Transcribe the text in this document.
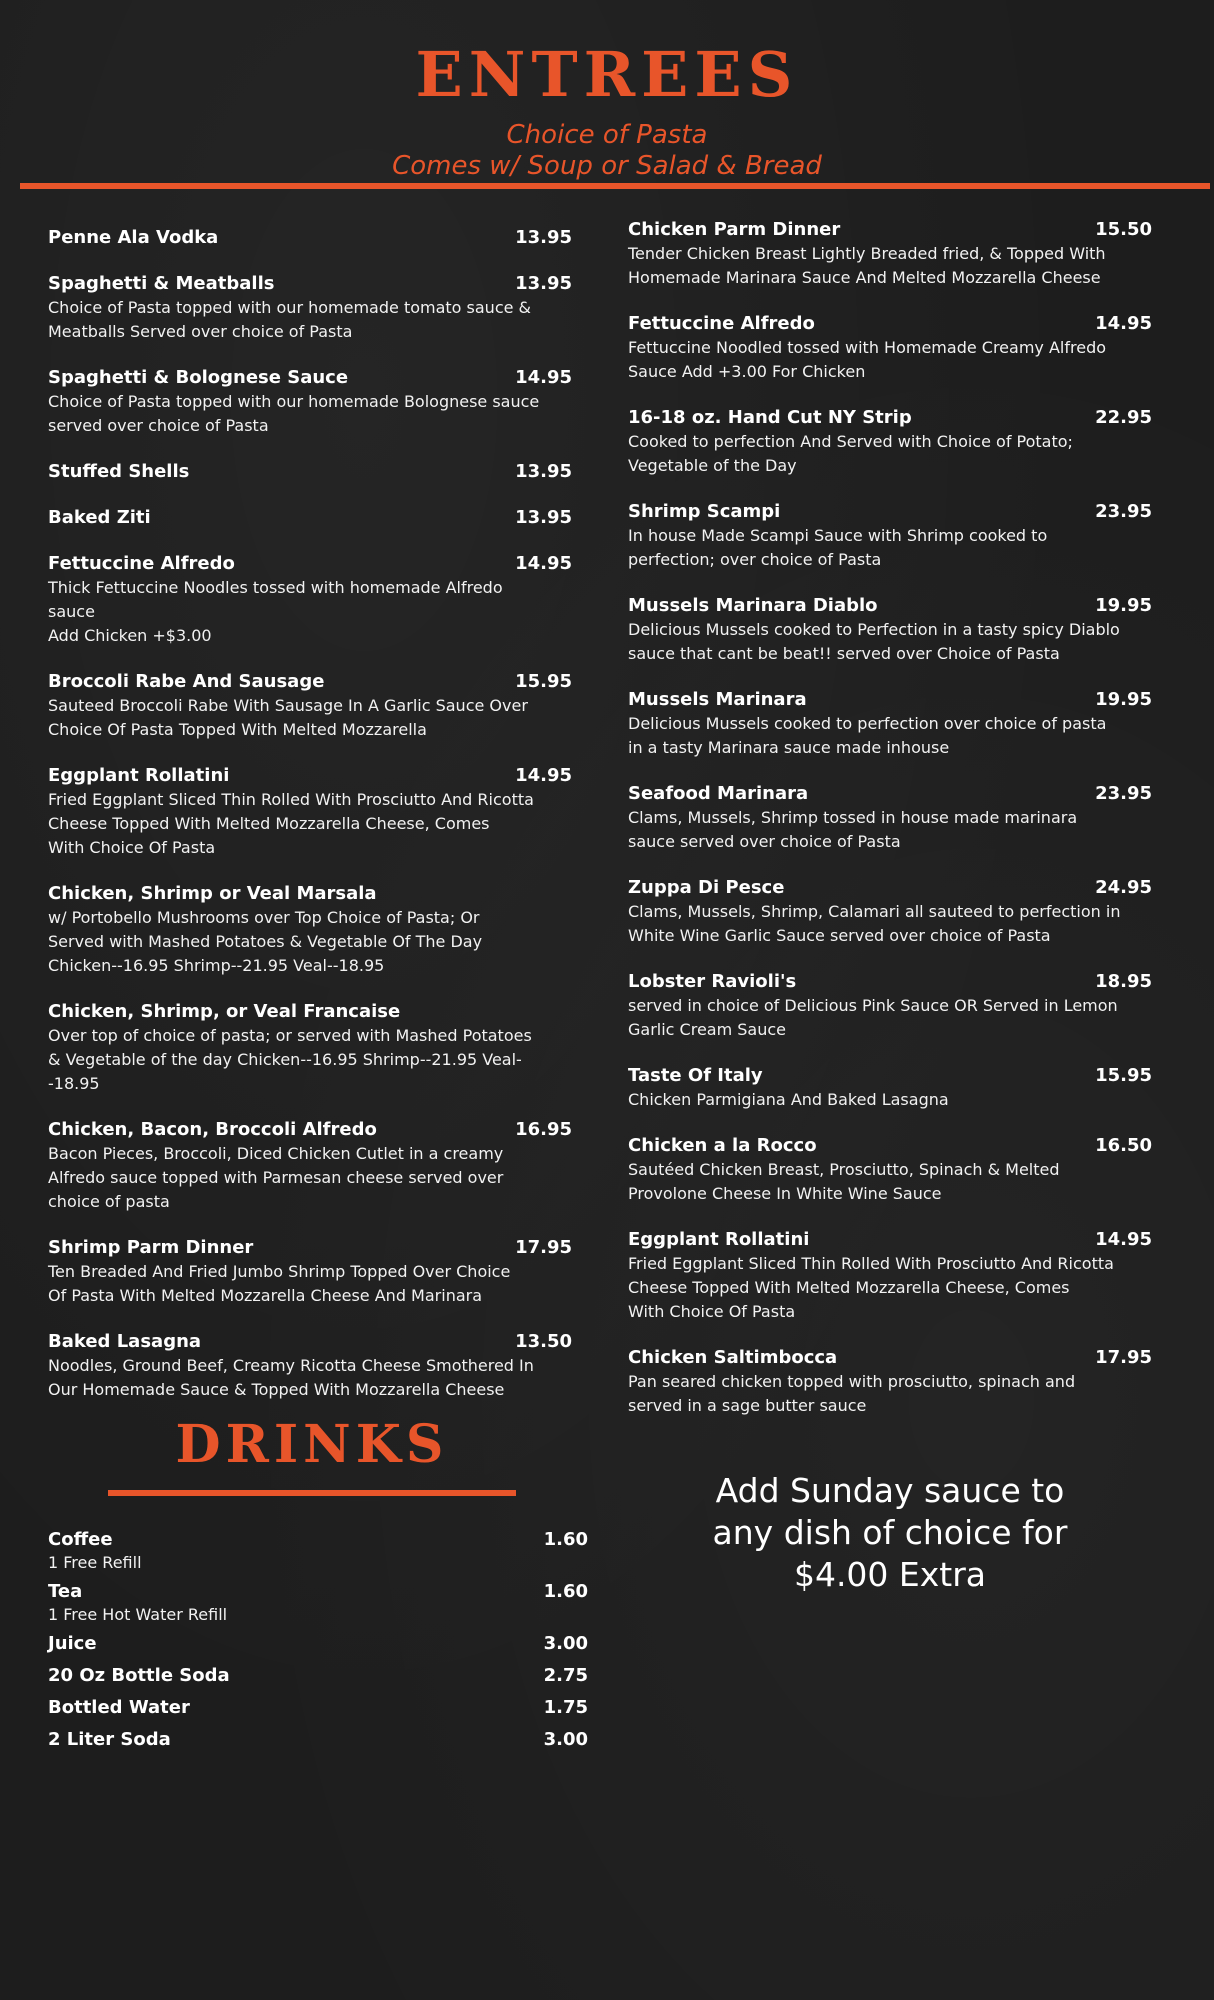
ENTREES
Choice of Pasta
Comes w/ Soup or Salad & Bread
Penne Ala Vodka	13.95
Spaghetti & Meatballs	13.95
Choice of Pasta topped with our homemade tomato sauce &
Meatballs Served over choice of Pasta
Spaghetti & Bolognese Sauce	14.95
Choice of Pasta topped with our homemade Bolognese sauce
served over choice of Pasta
Stuffed Shells	13.95
Baked Ziti	13.95
Fettuccine Alfredo	14.95
Thick Fettuccine Noodles tossed with homemade Alfredo
sauce
Add Chicken +$3.00
Broccoli Rabe And Sausage	15.95
Sauteed Broccoli Rabe With Sausage In A Garlic Sauce Over
Choice Of Pasta Topped With Melted Mozzarella
Eggplant Rollatini	14.95
Fried Eggplant Sliced Thin Rolled With Prosciutto And Ricotta
Cheese Topped With Melted Mozzarella Cheese, Comes
With Choice Of Pasta
Chicken, Shrimp or Veal Marsala
w/ Portobello Mushrooms over Top Choice of Pasta; Or
Served with Mashed Potatoes & Vegetable Of The Day
Chicken--16.95 Shrimp--21.95 Veal--18.95
Chicken, Shrimp, or Veal Francaise
Over top of choice of pasta; or served with Mashed Potatoes
& Vegetable of the day Chicken--16.95 Shrimp--21.95 Veal-
-18.95
Chicken, Bacon, Broccoli Alfredo	16.95
Bacon Pieces, Broccoli, Diced Chicken Cutlet in a creamy
Alfredo sauce topped with Parmesan cheese served over
choice of pasta
Shrimp Parm Dinner	17.95
Ten Breaded And Fried Jumbo Shrimp Topped Over Choice
Of Pasta With Melted Mozzarella Cheese And Marinara
Baked Lasagna	13.50
Noodles, Ground Beef, Creamy Ricotta Cheese Smothered In
Our Homemade Sauce & Topped With Mozzarella Cheese
Chicken Parm Dinner	15.50
Tender Chicken Breast Lightly Breaded fried, & Topped With
Homemade Marinara Sauce And Melted Mozzarella Cheese
Fettuccine Alfredo	14.95
Fettuccine Noodled tossed with Homemade Creamy Alfredo
Sauce Add +3.00 For Chicken
16-18 oz. Hand Cut NY Strip	22.95
Cooked to perfection And Served with Choice of Potato;
Vegetable of the Day
Shrimp Scampi	23.95
In house Made Scampi Sauce with Shrimp cooked to
perfection; over choice of Pasta
Mussels Marinara Diablo	19.95
Delicious Mussels cooked to Perfection in a tasty spicy Diablo
sauce that cant be beat!! served over Choice of Pasta
Mussels Marinara	19.95
Delicious Mussels cooked to perfection over choice of pasta
in a tasty Marinara sauce made inhouse
Seafood Marinara	23.95
Clams, Mussels, Shrimp tossed in house made marinara
sauce served over choice of Pasta
Zuppa Di Pesce	24.95
Clams, Mussels, Shrimp, Calamari all sauteed to perfection in
White Wine Garlic Sauce served over choice of Pasta
Lobster Ravioli's	18.95
served in choice of Delicious Pink Sauce OR Served in Lemon
Garlic Cream Sauce
Taste Of Italy	15.95
Chicken Parmigiana And Baked Lasagna
Chicken a la Rocco	16.50
Sautéed Chicken Breast, Prosciutto, Spinach & Melted
Provolone Cheese In White Wine Sauce
Eggplant Rollatini	14.95
Fried Eggplant Sliced Thin Rolled With Prosciutto And Ricotta
Cheese Topped With Melted Mozzarella Cheese, Comes
With Choice Of Pasta
Chicken Saltimbocca	17.95
Pan seared chicken topped with prosciutto, spinach and
served in a sage butter sauce
DRINKS
Coffee	1.60
1 Free Refill
Tea	1.60
1 Free Hot Water Refill
Juice	3.00
20 Oz Bottle Soda	2.75
Bottled Water	1.75
2 Liter Soda	3.00
Add Sunday sauce to
any dish of choice for
$4.00 Extra
